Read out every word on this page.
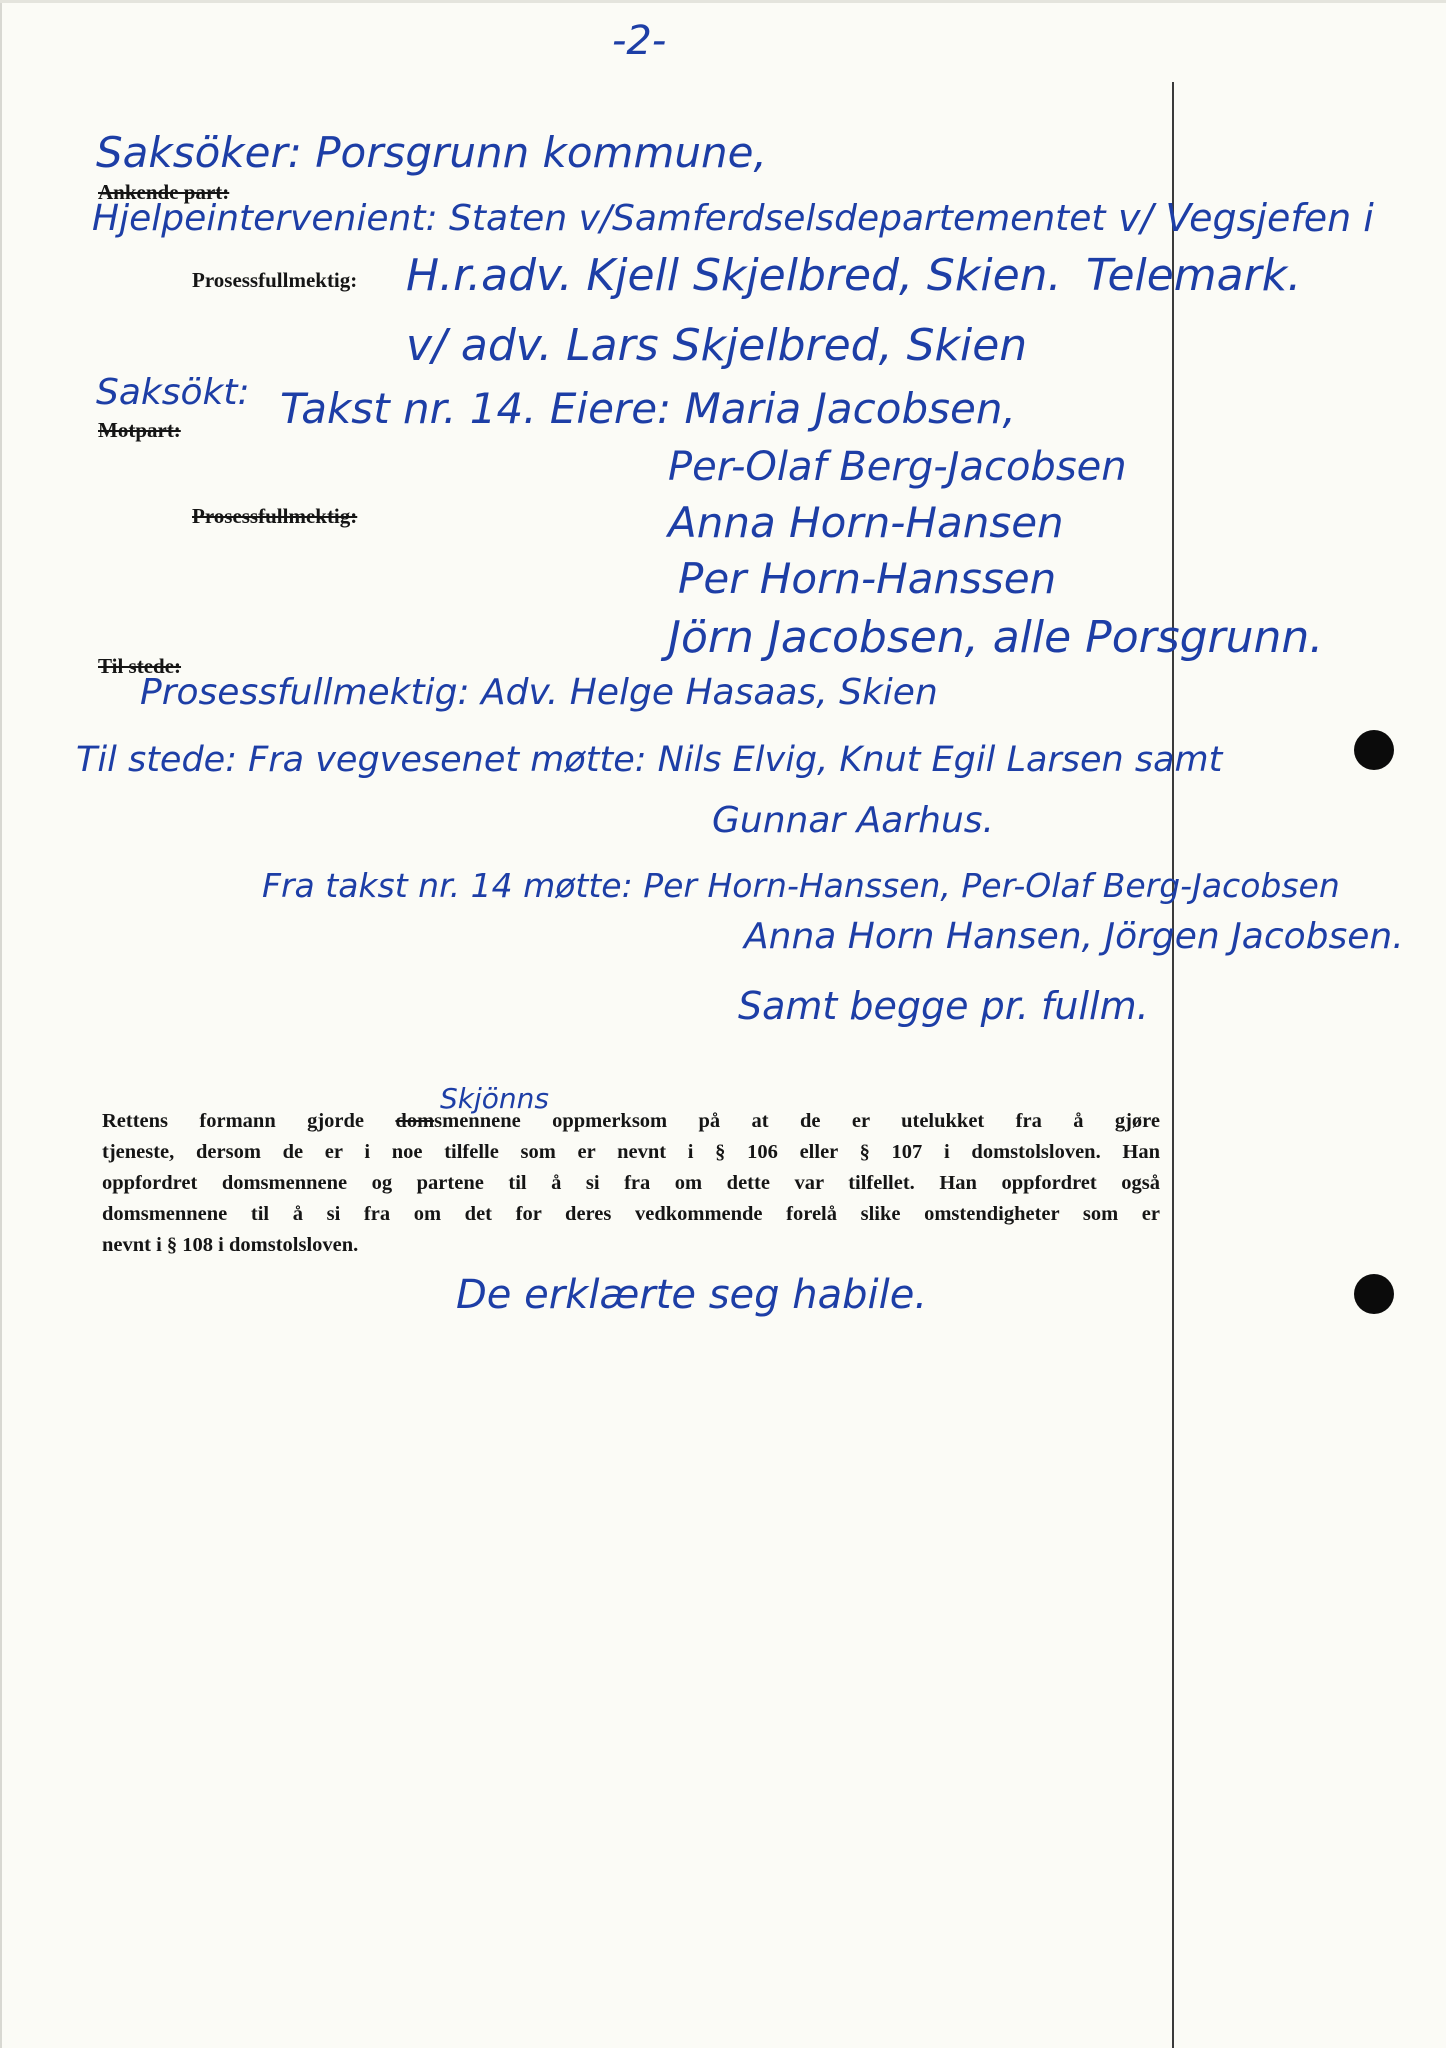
-2-
Saksöker: Porsgrunn kommune,
Ankende part:
Hjelpeintervenient: Staten v/Samferdselsdepartementet v/ Vegsjefen i
Prosessfullmektig: H.r.adv. Kjell Skjelbred, Skien. Telemark.
v/ adv. Lars Skjelbred, Skien
Saksökt:
Motpart: Takst nr. 14. Eiere: Maria Jacobsen,
Per-Olaf Berg-Jacobsen
Prosessfullmektig:	Anna Horn-Hansen
Per Horn-Hanssen
Jörn Jacobsen, alle Porsgrunn.
Til stede:
Prosessfullmektig: Adv. Helge Hasaas, Skien
Til stede: Fra vegvesenet møtte: Nils Elvig, Knut Egil Larsen samt
Gunnar Aarhus.
Fra takst nr. 14 møtte: Per Horn-Hanssen, Per-Olaf Berg-Jacobsen
Anna Horn Hansen, Jörgen Jacobsen.
Samt begge pr. fullm.
Skjönns
Rettens formann gjorde domsmennene oppmerksom på at de er utelukket fra å gjøre
tjeneste, dersom de er i noe tilfelle som er nevnt i § 106 eller § 107 i domstolsloven. Han
oppfordret domsmennene og partene til å si fra om dette var tilfellet. Han oppfordret også
domsmennene til å si fra om det for deres vedkommende forelå slike omstendigheter som er
nevnt i § 108 i domstolsloven.
De erklærte seg habile.
